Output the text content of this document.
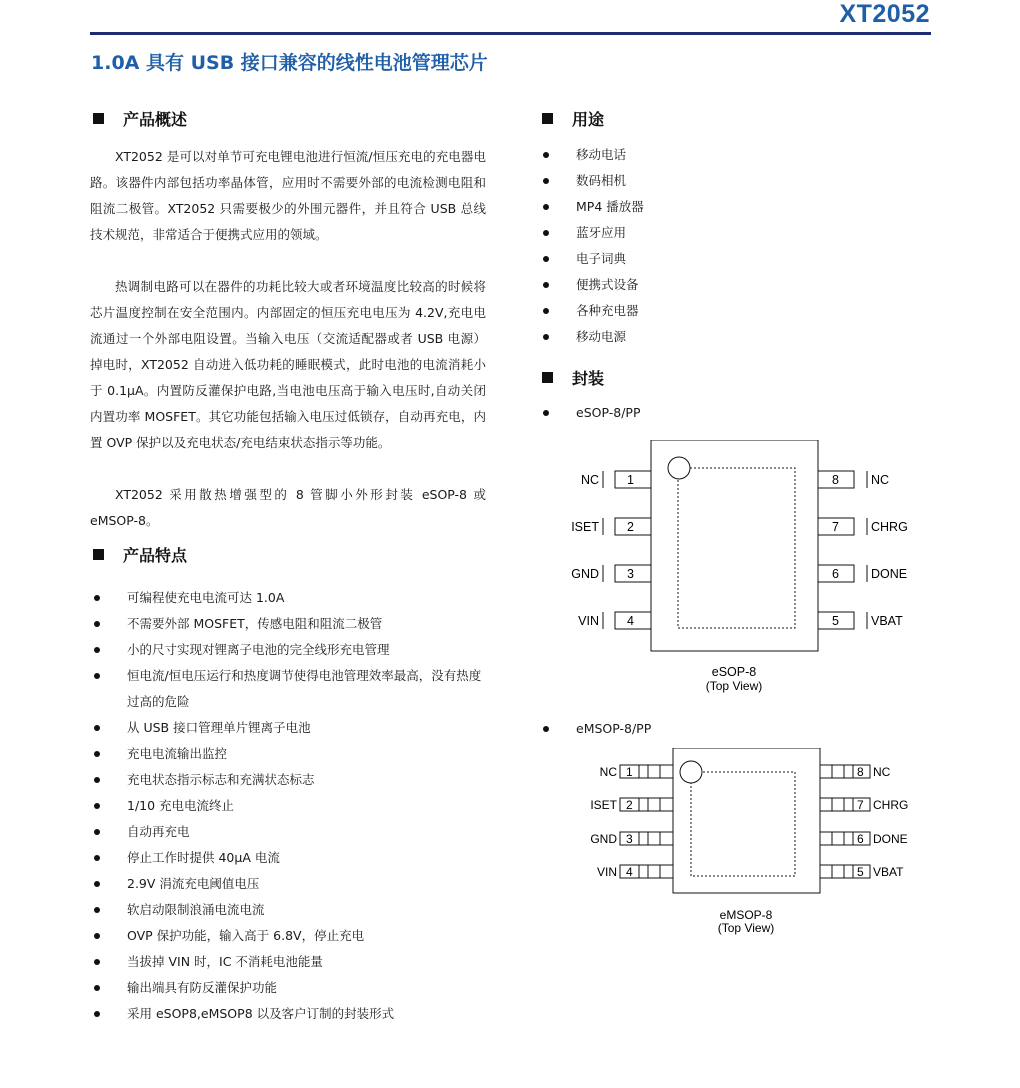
XT2052
1.0A 具有 USB 接口兼容的线性电池管理芯片
产品概述

XT2052 是可以对单节可充电锂电池进行恒流/恒压充电的充电器电路。该器件内部包括功率晶体管，应用时不需要外部的电流检测电阻和阻流二极管。XT2052 只需要极少的外围元器件，并且符合 USB 总线技术规范，非常适合于便携式应用的领域。

热调制电路可以在器件的功耗比较大或者环境温度比较高的时候将芯片温度控制在安全范围内。内部固定的恒压充电电压为 4.2V,充电电流通过一个外部电阻设置。当输入电压（交流适配器或者 USB 电源）掉电时，XT2052 自动进入低功耗的睡眠模式，此时电池的电流消耗小于 0.1μA。内置防反灌保护电路,当电池电压高于输入电压时,自动关闭内置功率 MOSFET。其它功能包括输入电压过低锁存，自动再充电，内置 OVP 保护以及充电状态/充电结束状态指示等功能。

XT2052 采用散热增强型的 8 管脚小外形封装 eSOP-8 或 eMSOP-8。

产品特点
可编程使充电电流可达 1.0A
不需要外部 MOSFET，传感电阻和阻流二极管
小的尺寸实现对锂离子电池的完全线形充电管理
恒电流/恒电压运行和热度调节使得电池管理效率最高，没有热度过高的危险
从 USB 接口管理单片锂离子电池
充电电流输出监控
充电状态指示标志和充满状态标志
1/10 充电电流终止
自动再充电
停止工作时提供 40μA 电流
2.9V 涓流充电阈值电压
软启动限制浪涌电流电流
OVP 保护功能，输入高于 6.8V，停止充电
当拔掉 VIN 时，IC 不消耗电池能量
输出端具有防反灌保护功能
采用 eSOP8,eMSOP8 以及客户订制的封装形式
用途
移动电话
数码相机
MP4 播放器
蓝牙应用
电子词典
便携式设备
各种充电器
移动电源
封装
eSOP-8/PP
1
NC
2
ISET
3
GND
4
VIN
8	NC
7	CHRG
6	DONE
5	VBAT
eSOP-8
(Top View)
eMSOP-8/PP
1
NC
2
ISET
3
GND
4
VIN
8 NC
7 CHRG
6 DONE
5 VBAT
eMSOP-8
(Top View)
